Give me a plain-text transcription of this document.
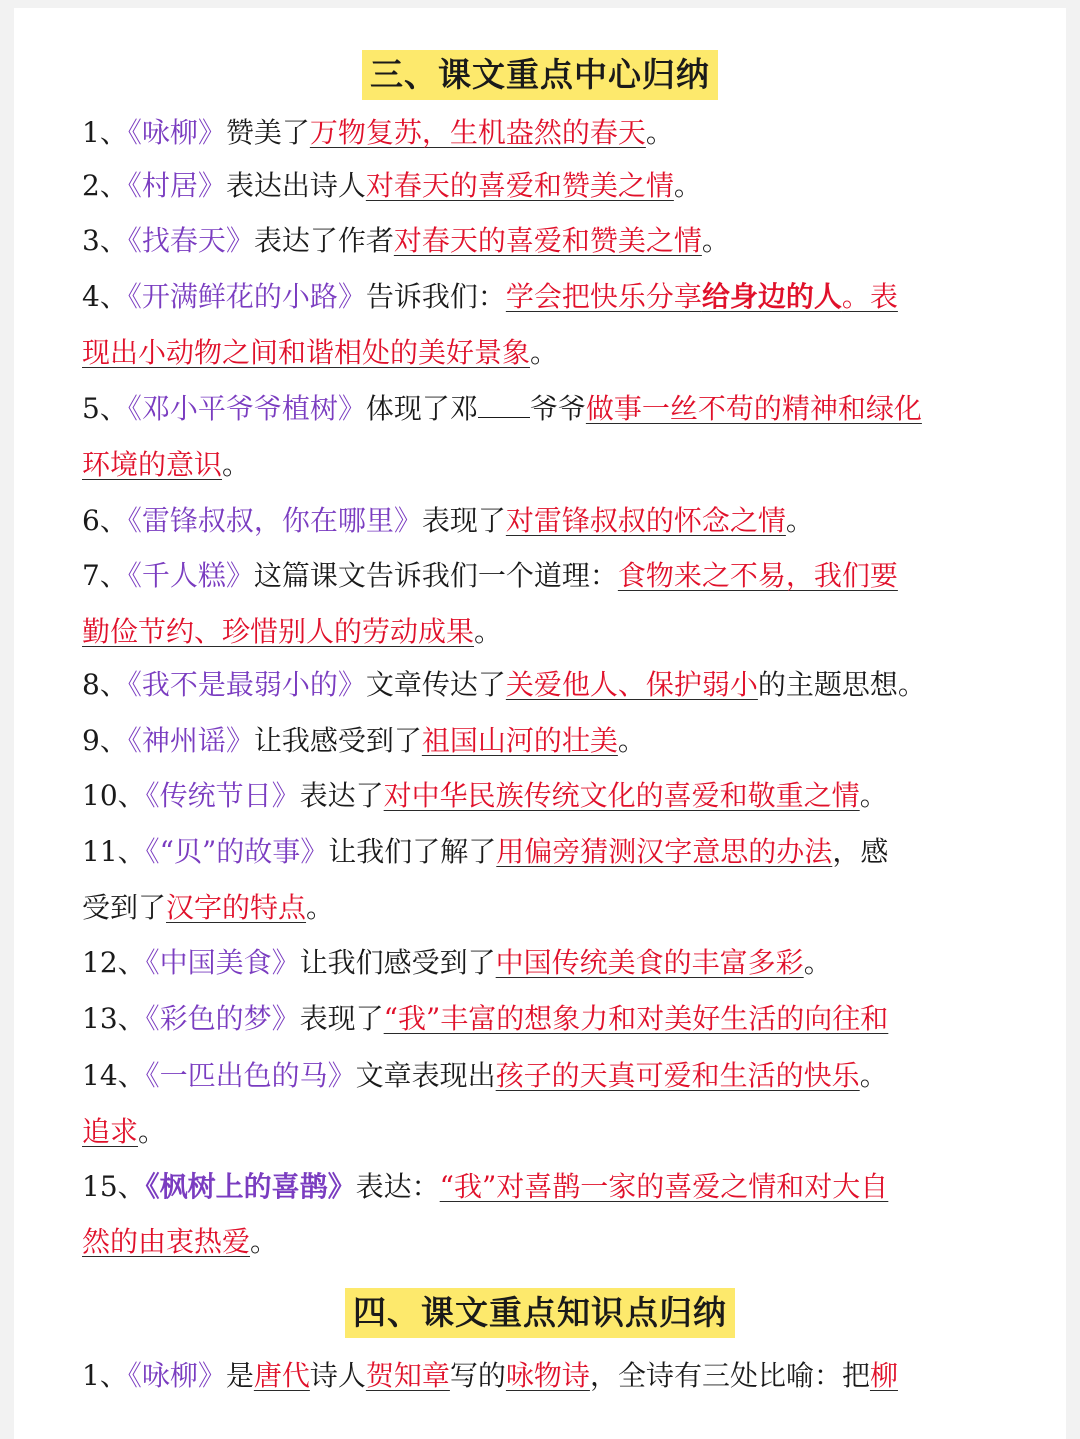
三、课文重点中心归纳
1、《咏柳》赞美了万物复苏，生机盎然的春天。
2、《村居》表达出诗人对春天的喜爱和赞美之情。
3、《找春天》表达了作者对春天的喜爱和赞美之情。
4、《开满鲜花的小路》告诉我们：学会把快乐分享给身边的人。表
现出小动物之间和谐相处的美好景象。
5、《邓小平爷爷植树》体现了邓 爷爷做事一丝不苟的精神和绿化
环境的意识。
6、《雷锋叔叔，你在哪里》表现了对雷锋叔叔的怀念之情。
7、《千人糕》这篇课文告诉我们一个道理：食物来之不易，我们要
勤俭节约、珍惜别人的劳动成果。
8、《我不是最弱小的》文章传达了关爱他人、保护弱小的主题思想。
9、《神州谣》让我感受到了祖国山河的壮美。
10、《传统节日》表达了对中华民族传统文化的喜爱和敬重之情。
11、《“贝”的故事》让我们了解了用偏旁猜测汉字意思的办法，感
受到了汉字的特点。
12、《中国美食》让我们感受到了中国传统美食的丰富多彩。
13、《彩色的梦》表现了“我”丰富的想象力和对美好生活的向往和
14、《一匹出色的马》文章表现出孩子的天真可爱和生活的快乐。
追求。
15、《枫树上的喜鹊》表达：“我”对喜鹊一家的喜爱之情和对大自
然的由衷热爱。
四、课文重点知识点归纳
1、《咏柳》是唐代诗人贺知章写的咏物诗，全诗有三处比喻：把柳
